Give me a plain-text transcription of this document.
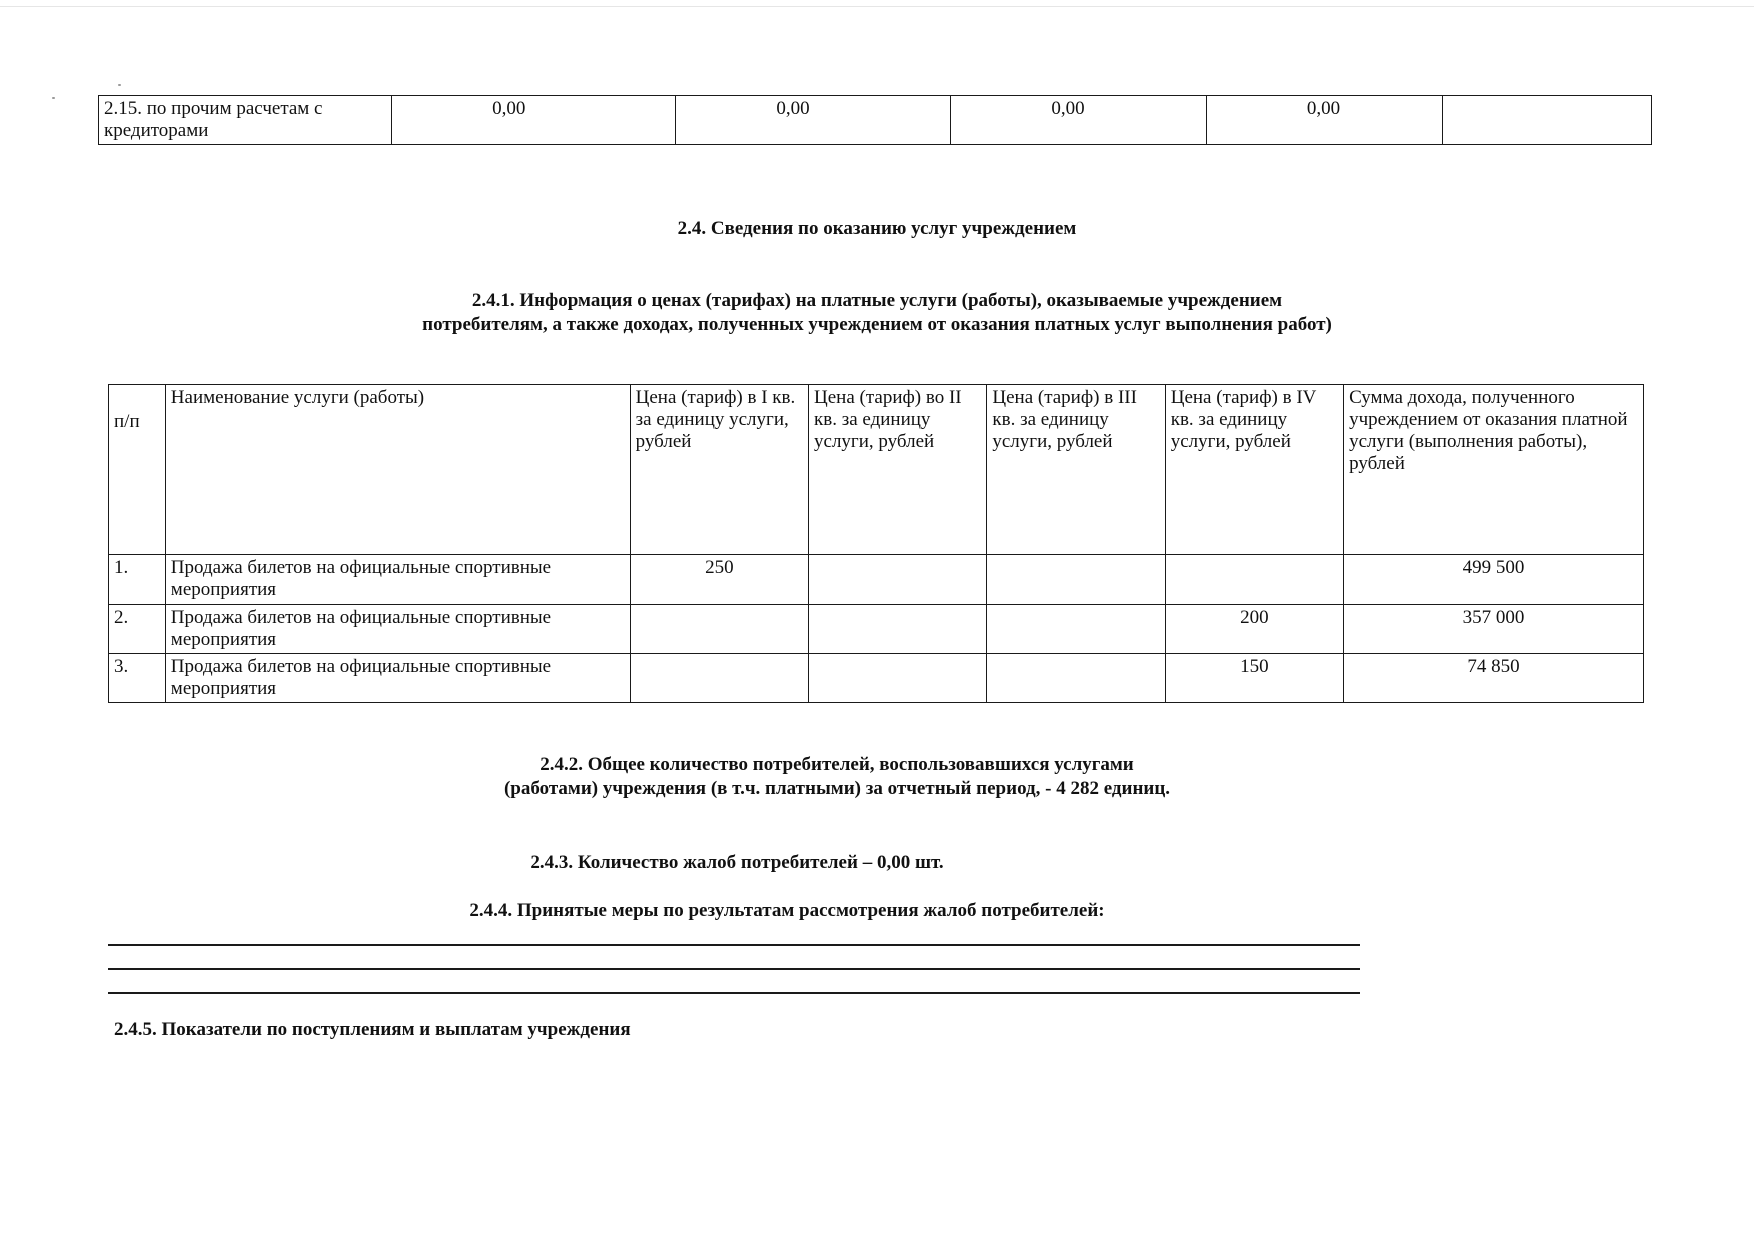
2.15. по прочим расчетам с кредиторами	0,00	0,00	0,00	0,00	
2.4. Сведения по оказанию услуг учреждением
2.4.1. Информация о ценах (тарифах) на платные услуги (работы), оказываемые учреждением
потребителям, а также доходах, полученных учреждением от оказания платных услуг выполнения работ)
п/п	Наименование услуги (работы)	Цена (тариф) в I кв. за единицу услуги, рублей	Цена (тариф) во II кв. за единицу услуги, рублей	Цена (тариф) в III кв. за единицу услуги, рублей	Цена (тариф) в IV кв. за единицу услуги, рублей	Сумма дохода, полученного учреждением от оказания платной услуги (выполнения работы), рублей
1.	Продажа билетов на официальные спортивные мероприятия	250				499 500
2.	Продажа билетов на официальные спортивные мероприятия				200	357 000
3.	Продажа билетов на официальные спортивные мероприятия				150	74 850
2.4.2. Общее количество потребителей, воспользовавшихся услугами
(работами) учреждения (в т.ч. платными) за отчетный период, - 4 282 единиц.
2.4.3. Количество жалоб потребителей – 0,00 шт.
2.4.4. Принятые меры по результатам рассмотрения жалоб потребителей:
2.4.5. Показатели по поступлениям и выплатам учреждения
